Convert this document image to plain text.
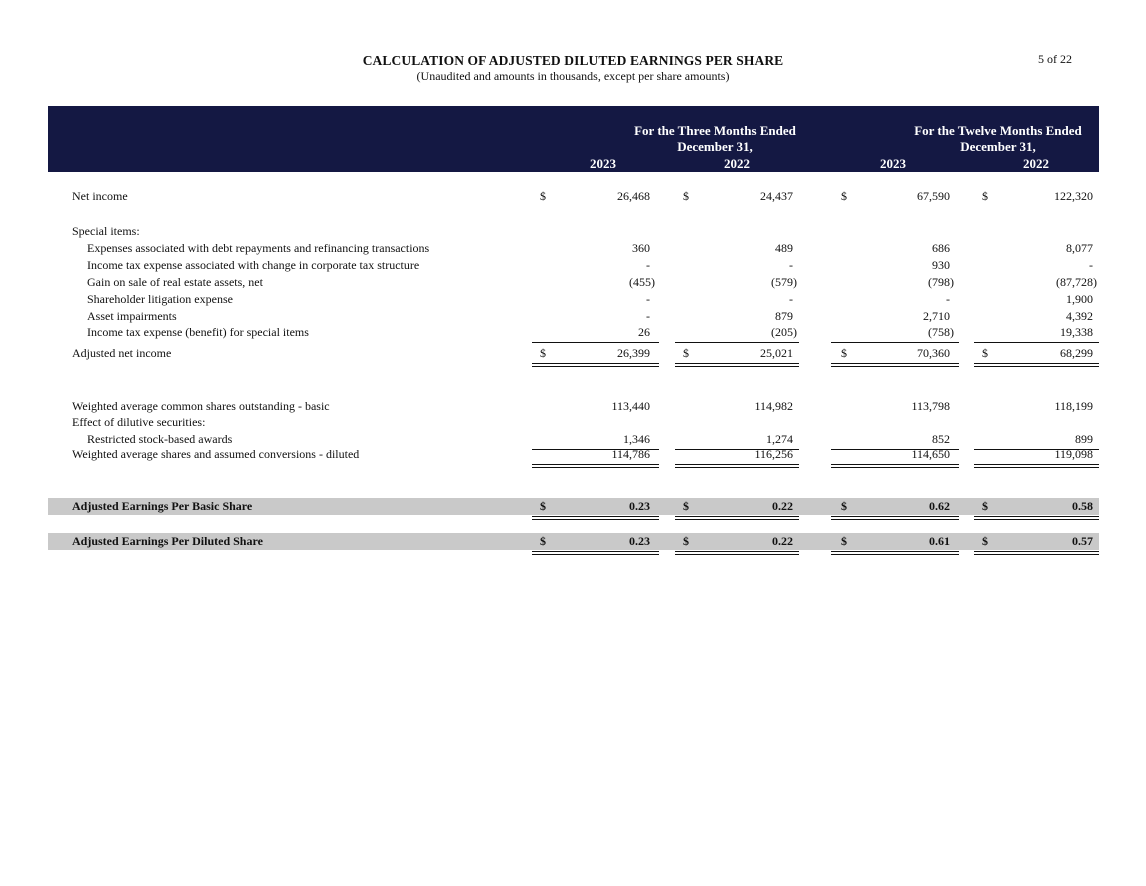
CALCULATION OF ADJUSTED DILUTED EARNINGS PER SHARE
(Unaudited and amounts in thousands, except per share amounts)
5 of 22
For the Three Months Ended
December 31,
For the Twelve Months Ended
December 31,
2023	2022	2023	2022
Net income	$	26,468	$	24,437	$	67,590	$	122,320
Special items:
Expenses associated with debt repayments and refinancing transactions	360	489	686	8,077
Income tax expense associated with change in corporate tax structure	-	-	930	-
Gain on sale of real estate assets, net	(455)	(579)	(798)	(87,728)
Shareholder litigation expense	-	-	-	1,900
Asset impairments	-	879	2,710	4,392
Income tax expense (benefit) for special items	26	(205)	(758)	19,338
Adjusted net income	$	26,399	$	25,021	$	70,360	$	68,299
Weighted average common shares outstanding - basic	113,440	114,982	113,798	118,199
Effect of dilutive securities:
Restricted stock-based awards	1,346	1,274	852	899
Weighted average shares and assumed conversions - diluted	114,786	116,256	114,650	119,098
Adjusted Earnings Per Basic Share	$	0.23	$	0.22	$	0.62	$	0.58
Adjusted Earnings Per Diluted Share	$	0.23	$	0.22	$	0.61	$	0.57
